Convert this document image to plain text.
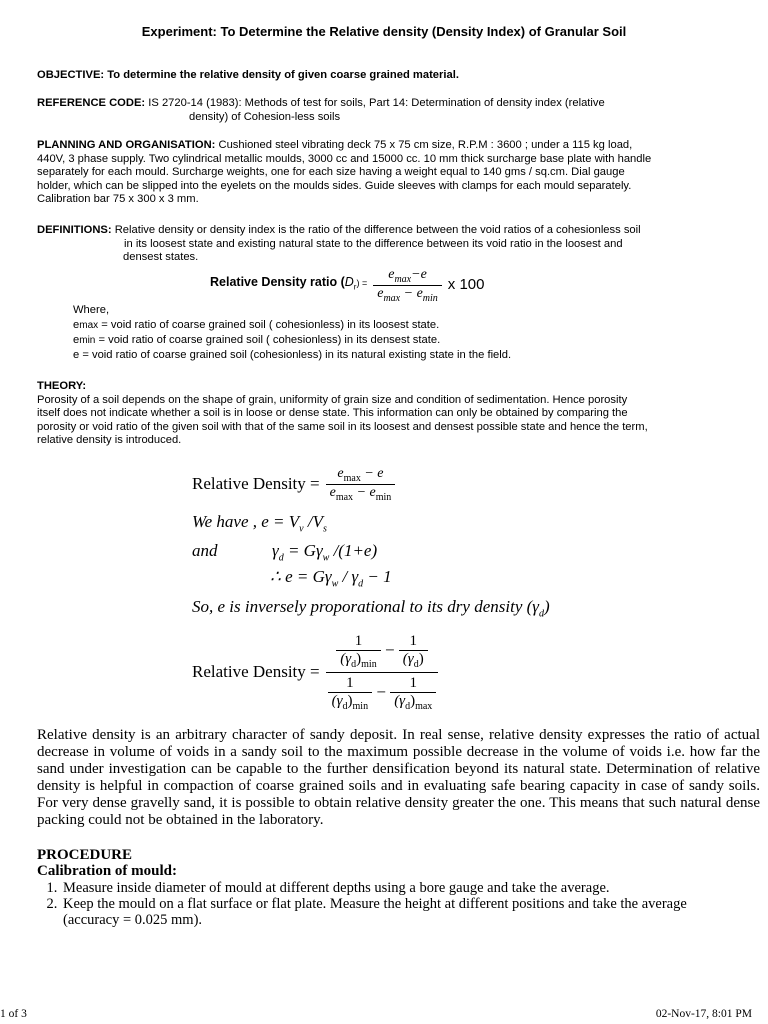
Experiment: To Determine the Relative density (Density Index) of Granular Soil
OBJECTIVE: To determine the relative density of given coarse grained material.
REFERENCE CODE: IS 2720-14 (1983): Methods of test for soils, Part 14: Determination of density index (relative
density) of Cohesion-less soils
PLANNING AND ORGANISATION: Cushioned steel vibrating deck 75 x 75 cm size, R.P.M : 3600 ; under a 115 kg load,
440V, 3 phase supply. Two cylindrical metallic moulds, 3000 cc and 15000 cc. 10 mm thick surcharge base plate with handle
separately for each mould. Surcharge weights, one for each size having a weight equal to 140 gms / sq.cm. Dial gauge
holder, which can be slipped into the eyelets on the moulds sides. Guide sleeves with clamps for each mould separately.
Calibration bar 75 x 300 x 3 mm.
DEFINITIONS: Relative density or density index is the ratio of the difference between the void ratios of a cohesionless soil
in its loosest state and existing natural state to the difference between its void ratio in the loosest and
densest states.
Relative Density ratio $(D_r) = \frac{e_{max}-e}{e_{max} - e_{min}}$ x 100
Where,
emax = void ratio of coarse grained soil ( cohesionless) in its loosest state.
emin = void ratio of coarse grained soil ( cohesionless) in its densest state.
e = void ratio of coarse grained soil (cohesionless) in its natural existing state in the field.
THEORY:
Porosity of a soil depends on the shape of grain, uniformity of grain size and condition of sedimentation. Hence porosity
itself does not indicate whether a soil is in loose or dense state. This information can only be obtained by comparing the
porosity or void ratio of the given soil with that of the same soil in its loosest and densest possible state and hence the term,
relative density is introduced.
Relative Density = $\frac{e_{max} - e}{e_{max} - e_{min}}$
We have , $e = V_v$ $/V_s$
and	$\gamma_d = G\gamma_w$ /(1+e)
∴ $e = G\gamma_w / \gamma_d - 1$
So, e is inversely proporational to its dry density $(\gamma_d)$
Relative Density =
$\frac{1}{(\gamma_d)_{min}} - \frac{1}{(\gamma_d)}$
$\frac{1}{(\gamma_d)_{min}} - \frac{1}{(\gamma_d)_{max}}$
Relative density is an arbitrary character of sandy deposit. In real sense, relative density expresses the ratio of actual decrease in volume of voids in a sandy soil to the maximum possible decrease in the volume of voids i.e. how far the sand under investigation can be capable to the further densification beyond its natural state. Determination of relative density is helpful in compaction of coarse grained soils and in evaluating safe bearing capacity in case of sandy soils. For very dense gravelly sand, it is possible to obtain relative density greater the one. This means that such natural dense packing could not be obtained in the laboratory.
PROCEDURE
Calibration of mould:
1. Measure inside diameter of mould at different depths using a bore gauge and take the average.
2. Keep the mould on a flat surface or flat plate. Measure the height at different positions and take the average (accuracy = 0.025 mm).
1 of 3	02-Nov-17, 8:01 PM
